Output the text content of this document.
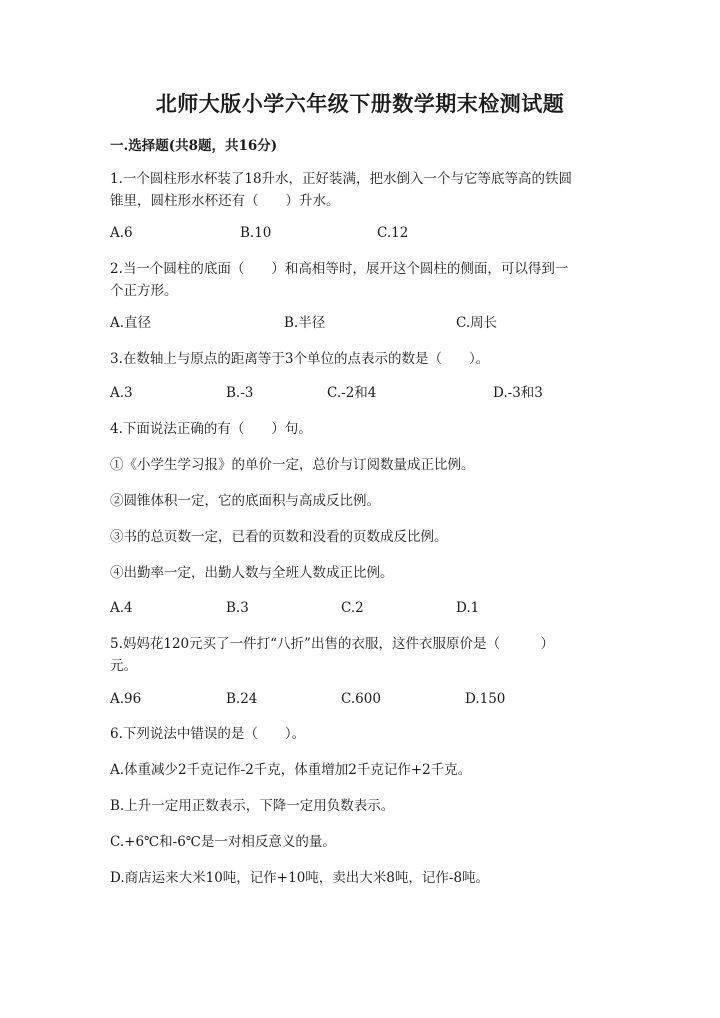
北师大版小学六年级下册数学期末检测试题
一.选择题(共8题，共16分)
1.一个圆柱形水杯装了18升水，正好装满，把水倒入一个与它等底等高的铁圆
锥里，圆柱形水杯还有（　　）升水。
A.6	B.10	C.12
2.当一个圆柱的底面（　　）和高相等时，展开这个圆柱的侧面，可以得到一
个正方形。
A.直径	B.半径	C.周长
3.在数轴上与原点的距离等于3个单位的点表示的数是（　　）。
A.3	B.-3	C.-2和4	D.-3和3
4.下面说法正确的有（　　）句。
①《小学生学习报》的单价一定，总价与订阅数量成正比例。
②圆锥体积一定，它的底面积与高成反比例。
③书的总页数一定，已看的页数和没看的页数成反比例。
④出勤率一定，出勤人数与全班人数成正比例。
A.4	B.3	C.2	D.1
5.妈妈花120元买了一件打“八折”出售的衣服，这件衣服原价是（　　　）
元。
A.96	B.24	C.600	D.150
6.下列说法中错误的是（　　）。
A.体重减少2千克记作-2千克，体重增加2千克记作+2千克。
B.上升一定用正数表示，下降一定用负数表示。
C.+6℃和-6℃是一对相反意义的量。
D.商店运来大米10吨，记作+10吨，卖出大米8吨，记作-8吨。
